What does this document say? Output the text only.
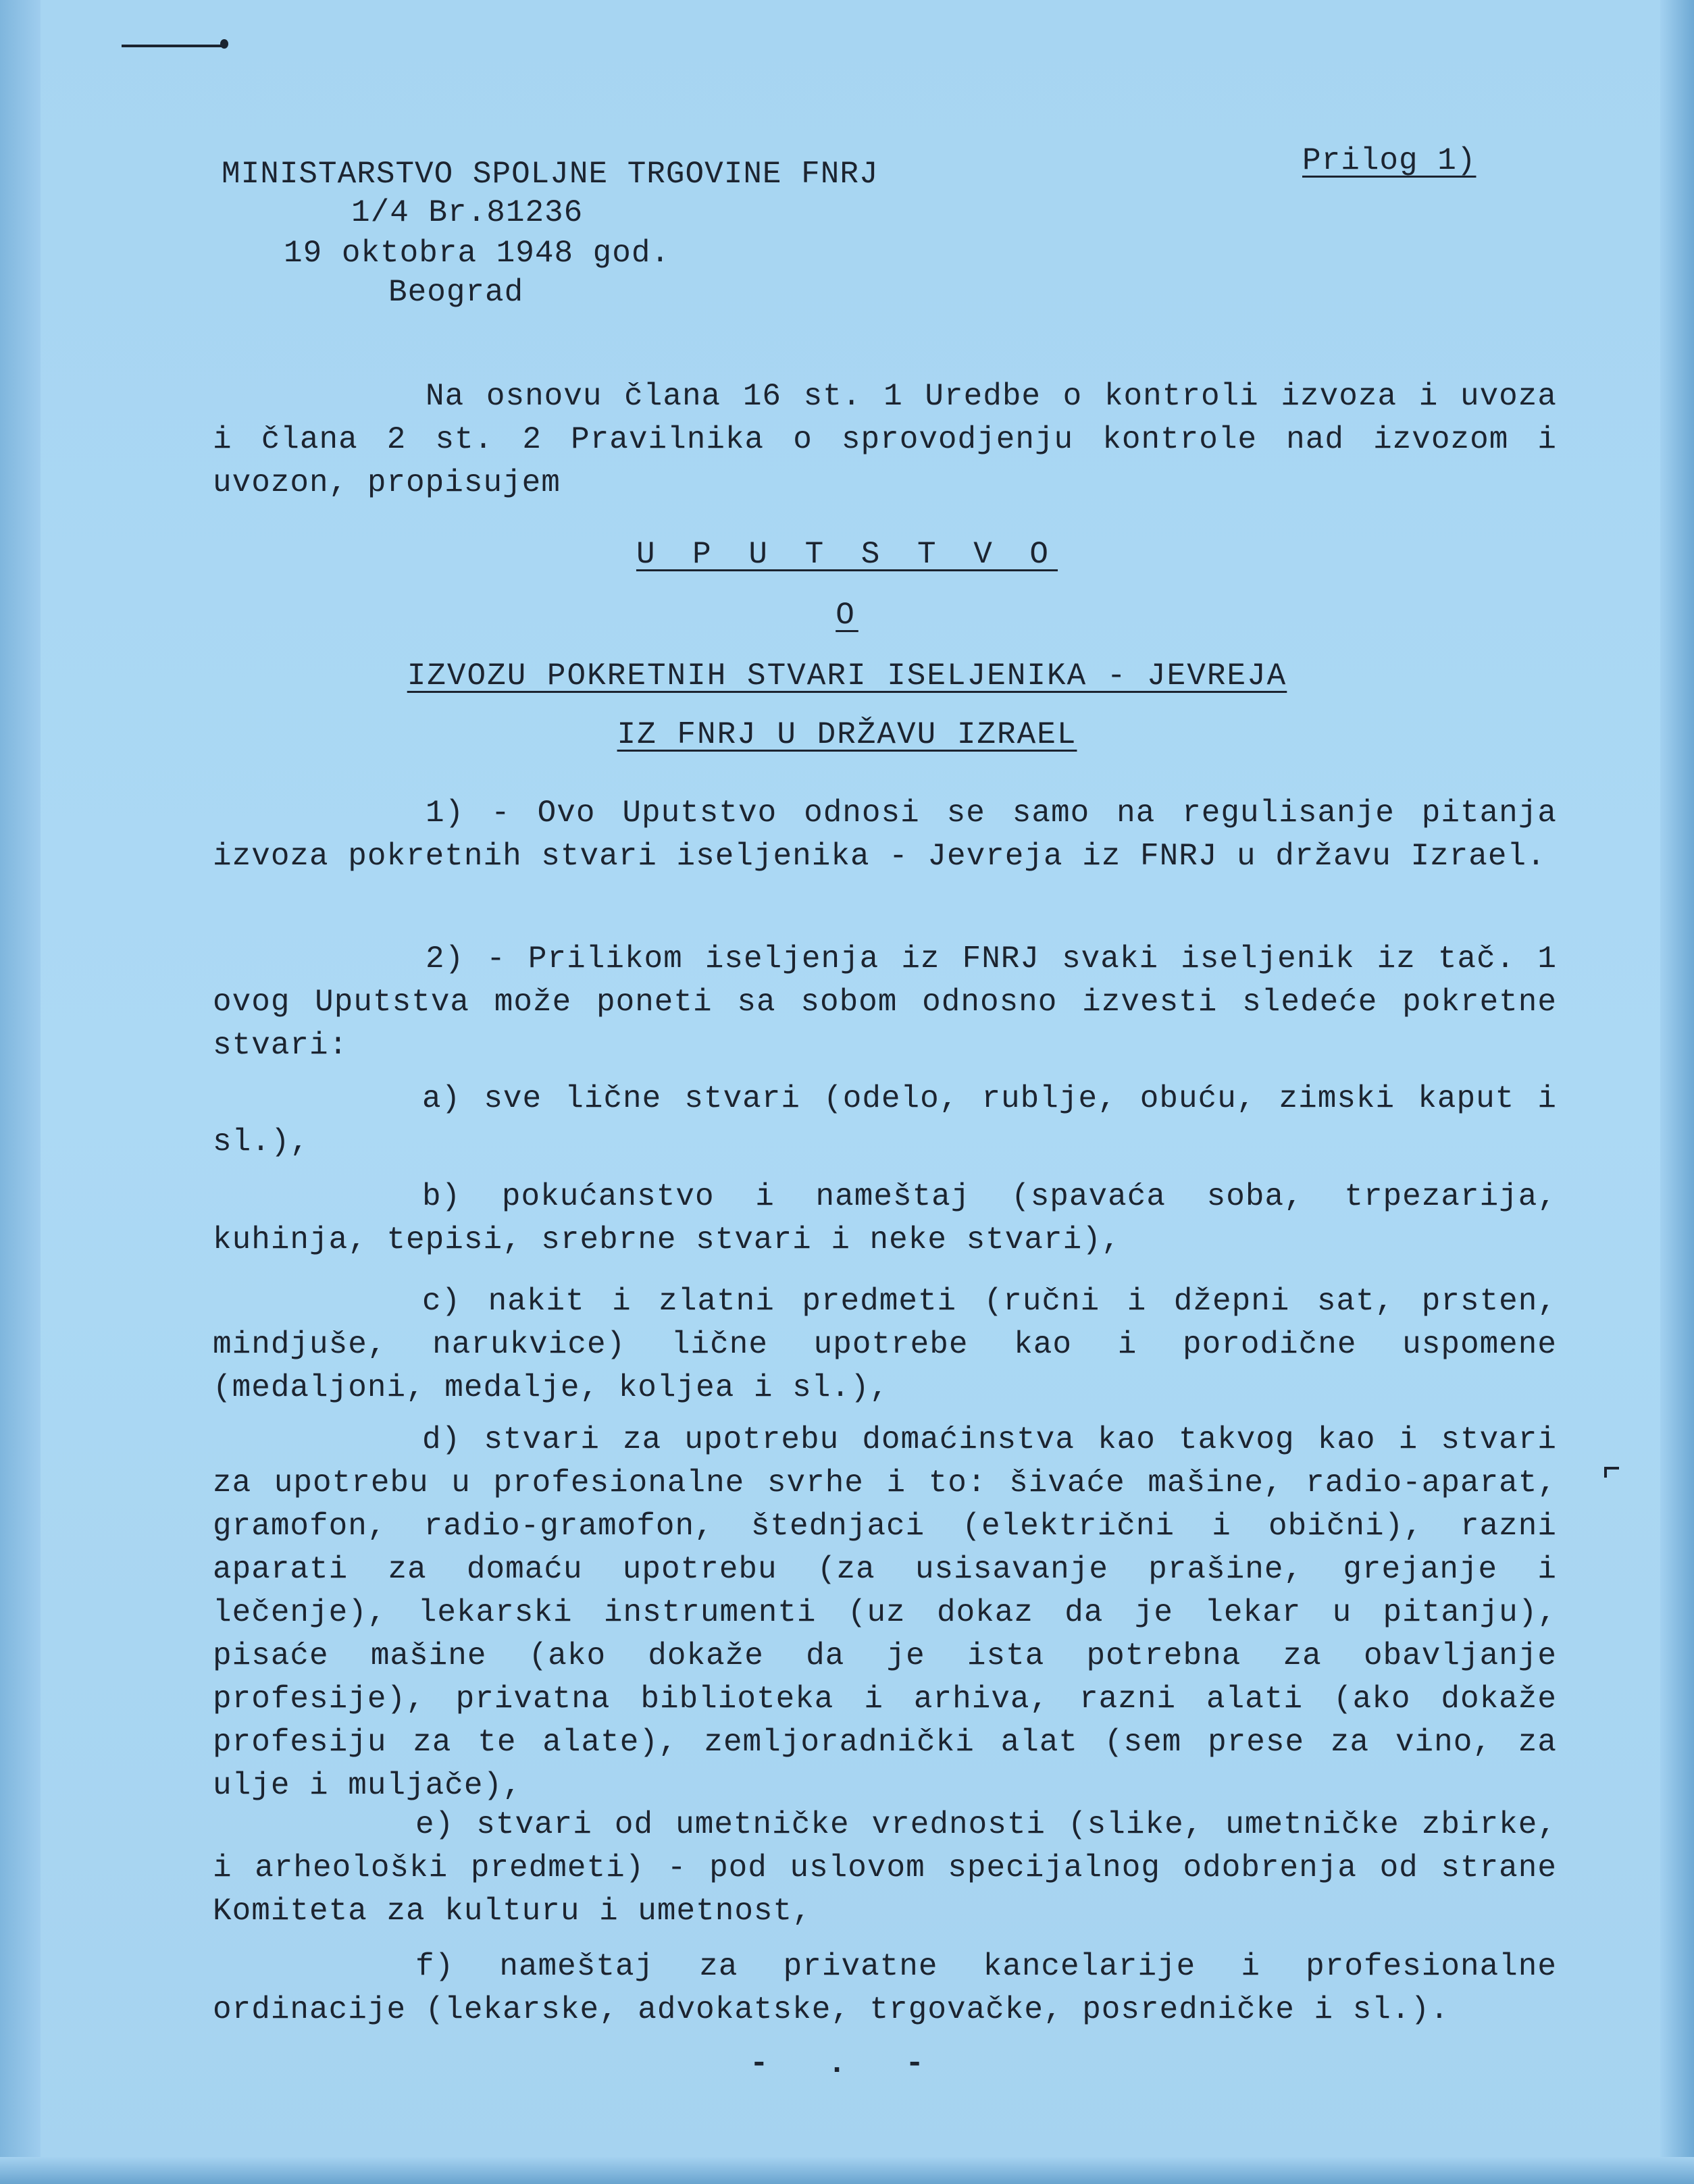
MINISTARSTVO SPOLJNE TRGOVINE FNRJ
1/4 Br.81236
19 oktobra 1948 god.
Beograd
Prilog 1)
Na osnovu člana 16 st. 1 Uredbe o kontroli izvoza i uvoza i člana 2 st. 2 Pravilnika o sprovodjenju kontrole nad izvozom i uvozon, propisujem
U P U T S T V O
O
IZVOZU POKRETNIH STVARI ISELJENIKA - JEVREJA
IZ FNRJ U DRŽAVU IZRAEL
1) - Ovo Uputstvo odnosi se samo na regulisanje pitanja izvoza pokretnih stvari iseljenika - Jevreja iz FNRJ u državu Izrael.
2) - Prilikom iseljenja iz FNRJ svaki iseljenik iz tač. 1 ovog Uputstva može poneti sa sobom odnosno izvesti sledeće pokretne stvari:
a) sve lične stvari (odelo, rublje, obuću, zimski kaput i sl.),
b) pokućanstvo i nameštaj (spavaća soba, trpezarija, kuhinja, tepisi, srebrne stvari i neke stvari),
c) nakit i zlatni predmeti (ručni i džepni sat, prsten, mindjuše, narukvice) lične upotrebe kao i porodične uspomene (medaljoni, medalje, koljea i sl.),
d) stvari za upotrebu domaćinstva kao takvog kao i stvari za upotrebu u profesionalne svrhe i to: šivaće mašine, radio-aparat, gramofon, radio-gramofon, štednjaci (električni i obični), razni aparati za domaću upotrebu (za usisavanje prašine, grejanje i lečenje), lekarski instrumenti (uz dokaz da je lekar u pitanju), pisaće mašine (ako dokaže da je ista potrebna za obavljanje profesije), privatna biblioteka i arhiva, razni alati (ako dokaže profesiju za te alate), zemljoradnički alat (sem prese za vino, za ulje i muljače),
e) stvari od umetničke vrednosti (slike, umetničke zbirke, i arheološki predmeti) - pod uslovom specijalnog odobrenja od strane Komiteta za kulturu i umetnost,
f) nameštaj za privatne kancelarije i profesionalne ordinacije (lekarske, advokatske, trgovačke, posredničke i sl.).
- . -
